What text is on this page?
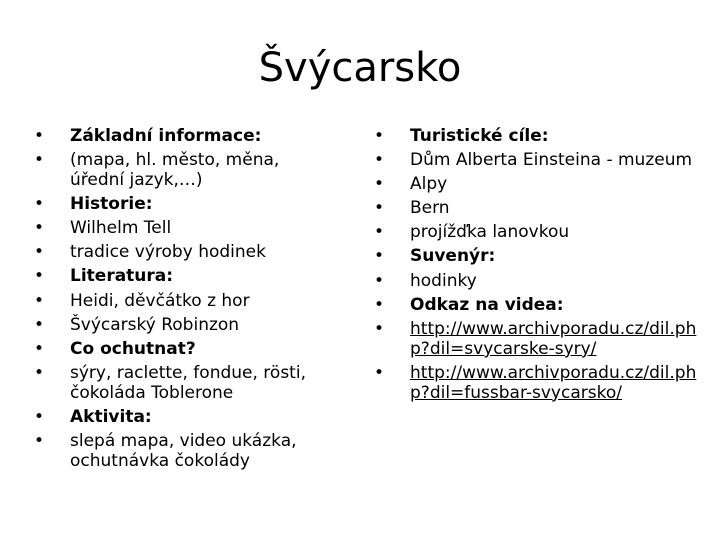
Švýcarsko
• Základní informace:
• (mapa, hl. město, měna, úřední jazyk,…)
• Historie:
• Wilhelm Tell
• tradice výroby hodinek
• Literatura:
• Heidi, děvčátko z hor
• Švýcarský Robinzon
• Co ochutnat?
• sýry, raclette, fondue, rösti, čokoláda Toblerone
• Aktivita:
• slepá mapa, video ukázka, ochutnávka čokolády
• Turistické cíle:
• Dům Alberta Einsteina - muzeum
• Alpy
• Bern
• projížďka lanovkou
• Suvenýr:
• hodinky
• Odkaz na videa:
• http://www.archivporadu.cz/dil.php?dil=svycarske-syry/
• http://www.archivporadu.cz/dil.php?dil=fussbar-svycarsko/
